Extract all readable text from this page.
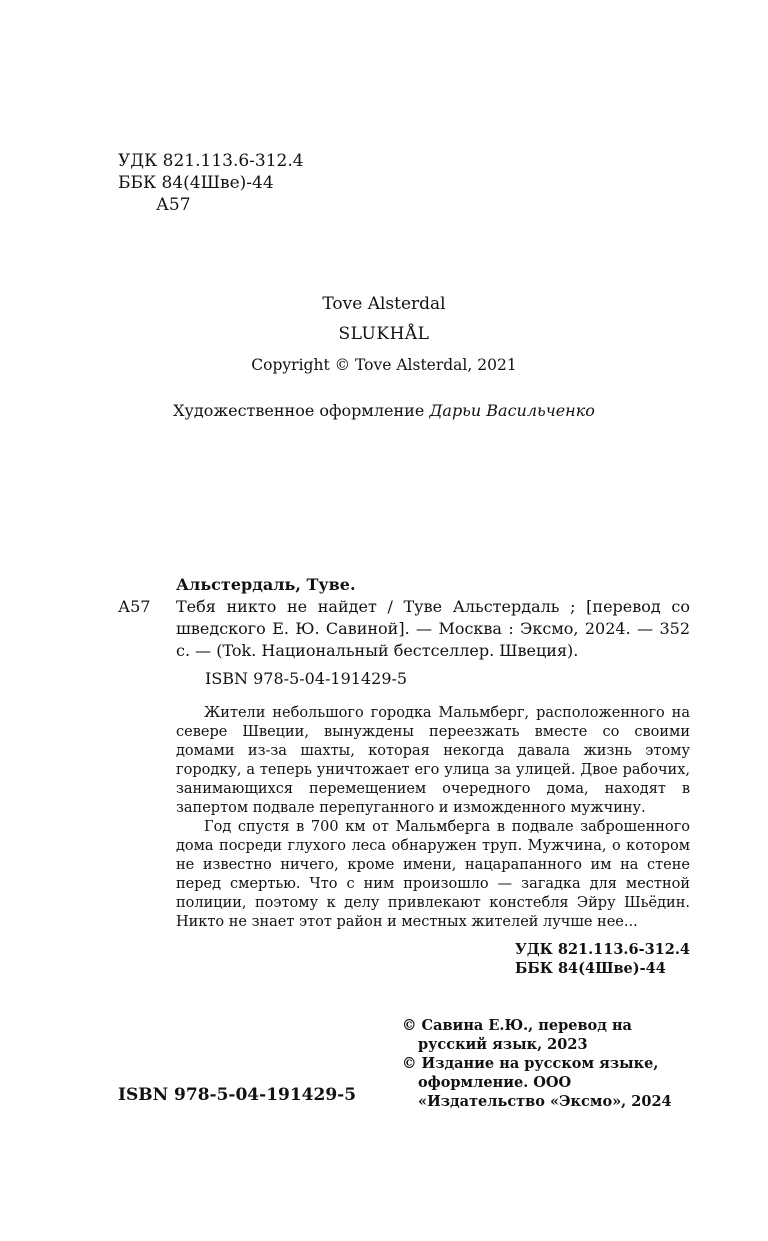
УДК 821.113.6-312.4
ББК 84(4Шве)-44
А57
Tove Alsterdal
SLUKHÅL
Copyright © Tove Alsterdal, 2021
Художественное оформление Дарьи Васильченко
Альстердаль, Туве.
А57	Тебя никто не найдет / Туве Альстердаль ; [перевод со шведского Е. Ю. Савиной]. — Москва : Эксмо, 2024. — 352 с. — (Tok. Национальный бестселлер. Швеция).
ISBN 978-5-04-191429-5

Жители небольшого городка Мальмберг, расположенного на севере Швеции, вынуждены переезжать вместе со своими домами из-за шахты, которая некогда давала жизнь этому городку, а теперь уничтожает его улица за улицей. Двое рабочих, занимающихся перемещением очередного дома, находят в запертом подвале перепуганного и изможденного мужчину.

Год спустя в 700 км от Мальмберга в подвале заброшенного дома посреди глухого леса обнаружен труп. Мужчина, о котором не известно ничего, кроме имени, нацарапанного им на стене перед смертью. Что с ним произошло — загадка для местной полиции, поэтому к делу привлекают констебля Эйру Шьёдин. Никто не знает этот район и местных жителей лучше нее...

УДК 821.113.6-312.4
ББК 84(4Шве)-44
© Савина Е.Ю., перевод на русский язык, 2023
© Издание на русском языке, оформление. ООО «Издательство «Эксмо», 2024
ISBN 978-5-04-191429-5
